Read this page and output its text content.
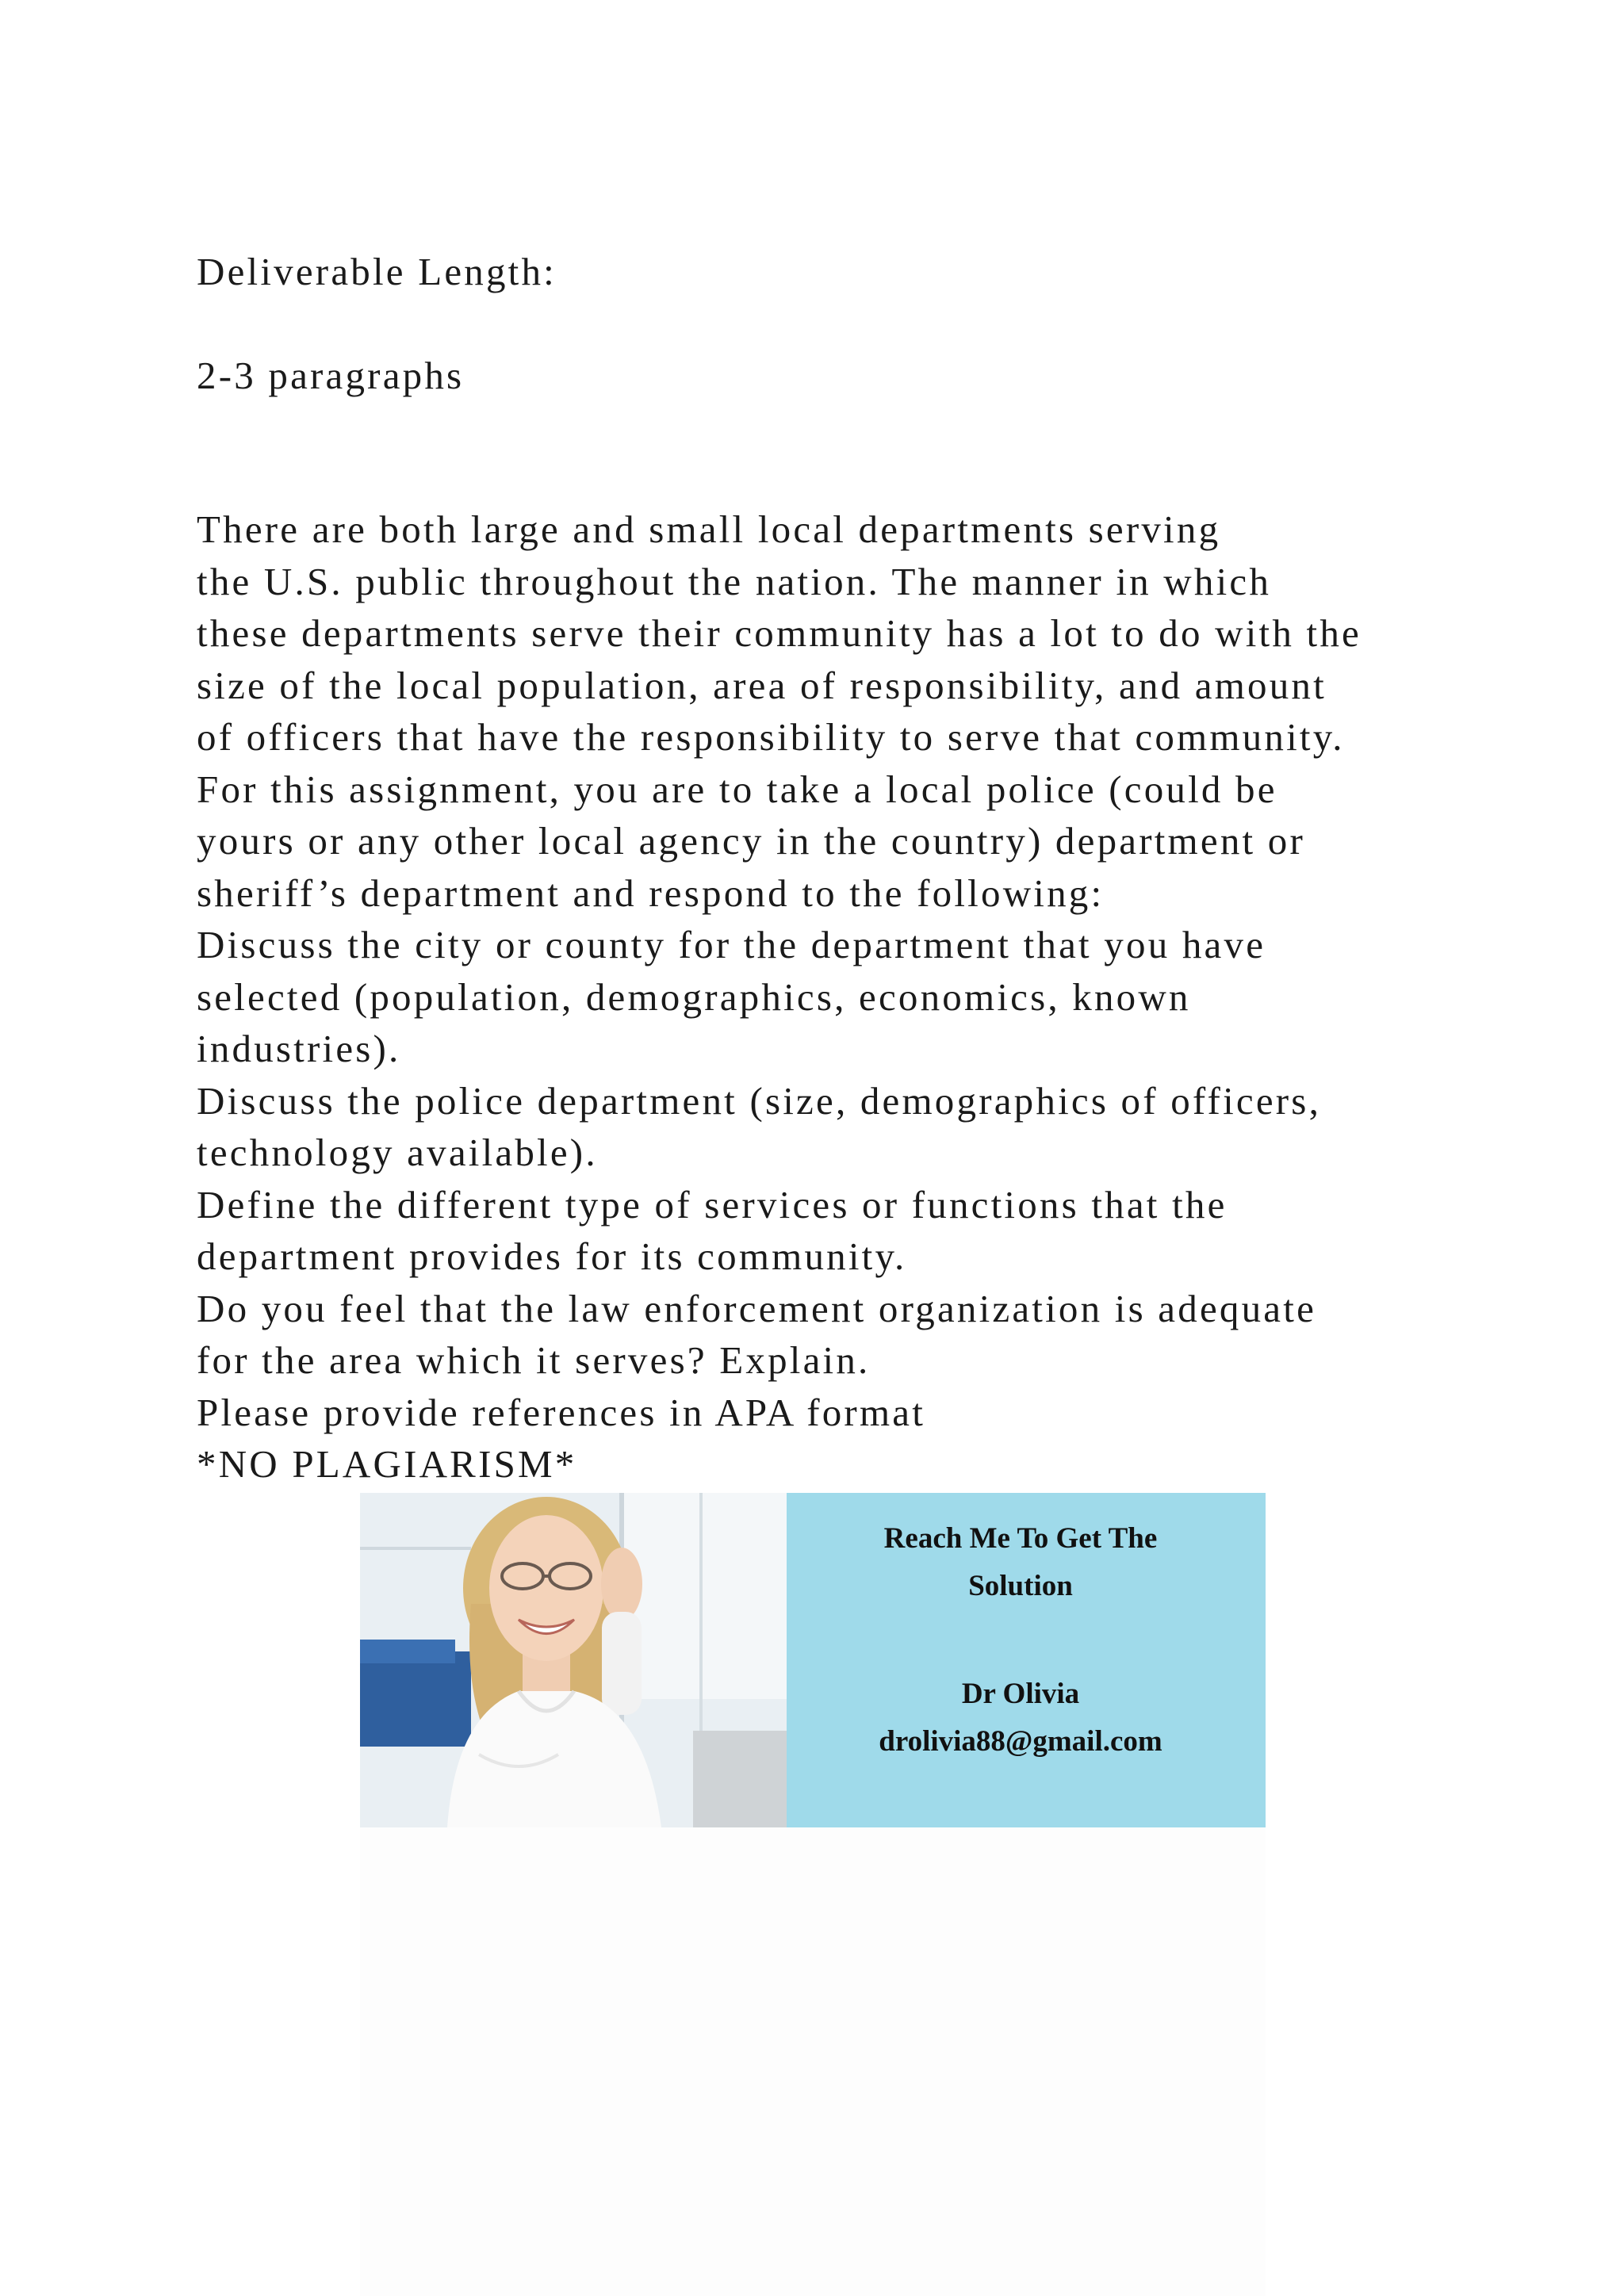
Deliverable Length:

2-3 paragraphs

There are both large and small local departments serving

the U.S. public throughout the nation. The manner in which

these departments serve their community has a lot to do with the

size of the local population, area of responsibility, and amount

of officers that have the responsibility to serve that community.

For this assignment, you are to take a local police (could be

yours or any other local agency in the country) department or

sheriff’s department and respond to the following:

Discuss the city or county for the department that you have

selected (population, demographics, economics, known

industries).

Discuss the police department (size, demographics of officers,

technology available).

Define the different type of services or functions that the

department provides for its community.

Do you feel that the law enforcement organization is adequate

for the area which it serves? Explain.

Please provide references in APA format

*NO PLAGIARISM*

Reach Me To Get The

Solution

Dr Olivia

drolivia88@gmail.com
